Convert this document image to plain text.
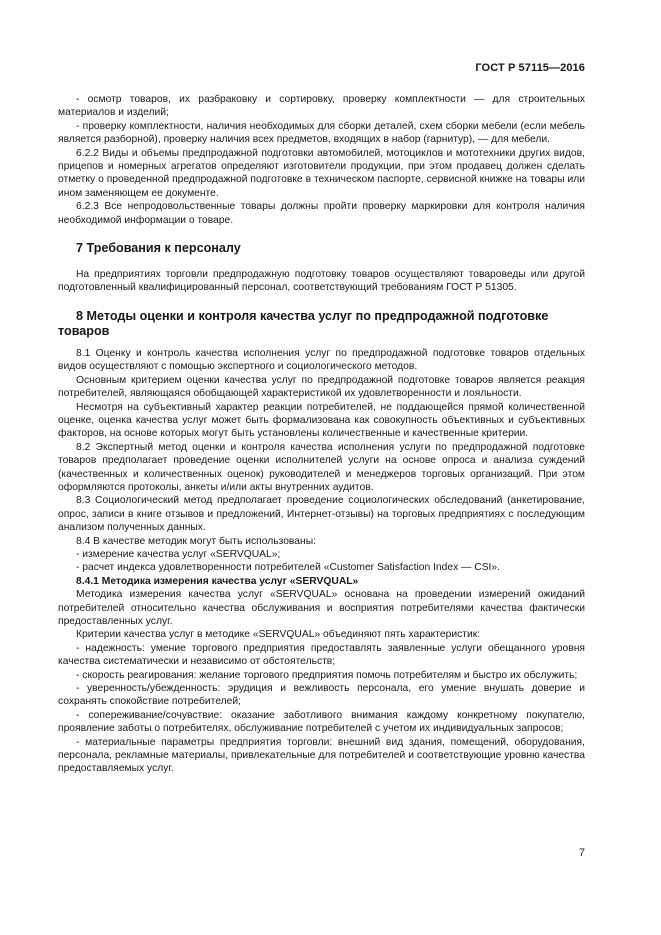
ГОСТ Р 57115—2016

- осмотр товаров, их разбраковку и сортировку, проверку комплектности — для строительных материалов и изделий;

- проверку комплектности, наличия необходимых для сборки деталей, схем сборки мебели (если мебель является разборной), проверку наличия всех предметов, входящих в набор (гарнитур), — для мебели.

6.2.2 Виды и объемы предпродажной подготовки автомобилей, мотоциклов и мототехники других видов, прицепов и номерных агрегатов определяют изготовители продукции, при этом продавец должен сделать отметку о проведенной предпродажной подготовке в техническом паспорте, сервисной книжке на товары или ином заменяющем ее документе.

6.2.3 Все непродовольственные товары должны пройти проверку маркировки для контроля наличия необходимой информации о товаре.

7 Требования к персоналу

На предприятиях торговли предпродажную подготовку товаров осуществляют товароведы или другой подготовленный квалифицированный персонал, соответствующий требованиям ГОСТ Р 51305.

8 Методы оценки и контроля качества услуг по предпродажной подготовке товаров

8.1 Оценку и контроль качества исполнения услуг по предпродажной подготовке товаров отдельных видов осуществляют с помощью экспертного и социологического методов.

Основным критерием оценки качества услуг по предпродажной подготовке товаров является реакция потребителей, являющаяся обобщающей характеристикой их удовлетворенности и лояльности.

Несмотря на субъективный характер реакции потребителей, не поддающейся прямой количественной оценке, оценка качества услуг может быть формализована как совокупность объективных и субъективных факторов, на основе которых могут быть установлены количественные и качественные критерии.

8.2 Экспертный метод оценки и контроля качества исполнения услуги по предпродажной подготовке товаров предполагает проведение оценки исполнителей услуги на основе опроса и анализа суждений (качественных и количественных оценок) руководителей и менеджеров торговых организаций. При этом оформляются протоколы, анкеты и/или акты внутренних аудитов.

8.3 Социологический метод предполагает проведение социологических обследований (анкетирование, опрос, записи в книге отзывов и предложений, Интернет-отзывы) на торговых предприятиях с последующим анализом полученных данных.

8.4 В качестве методик могут быть использованы:

- измерение качества услуг «SERVQUAL»;

- расчет индекса удовлетворенности потребителей «Customer Satisfaction Index — CSI».

8.4.1 Методика измерения качества услуг «SERVQUAL»

Методика измерения качества услуг «SERVQUAL» основана на проведении измерений ожиданий потребителей относительно качества обслуживания и восприятия потребителями качества фактически предоставленных услуг.

Критерии качества услуг в методике «SERVQUAL» объединяют пять характеристик:

- надежность: умение торгового предприятия предоставлять заявленные услуги обещанного уровня качества систематически и независимо от обстоятельств;

- скорость реагирования: желание торгового предприятия помочь потребителям и быстро их обслужить;

- уверенность/убежденность: эрудиция и вежливость персонала, его умение внушать доверие и сохранять спокойствие потребителей;

- сопереживание/сочувствие: оказание заботливого внимания каждому конкретному покупателю, проявление заботы о потребителях, обслуживание потребителей с учетом их индивидуальных запросов;

- материальные параметры предприятия торговли: внешний вид здания, помещений, оборудования, персонала, рекламные материалы, привлекательные для потребителей и соответствующие уровню качества предоставляемых услуг.

7
